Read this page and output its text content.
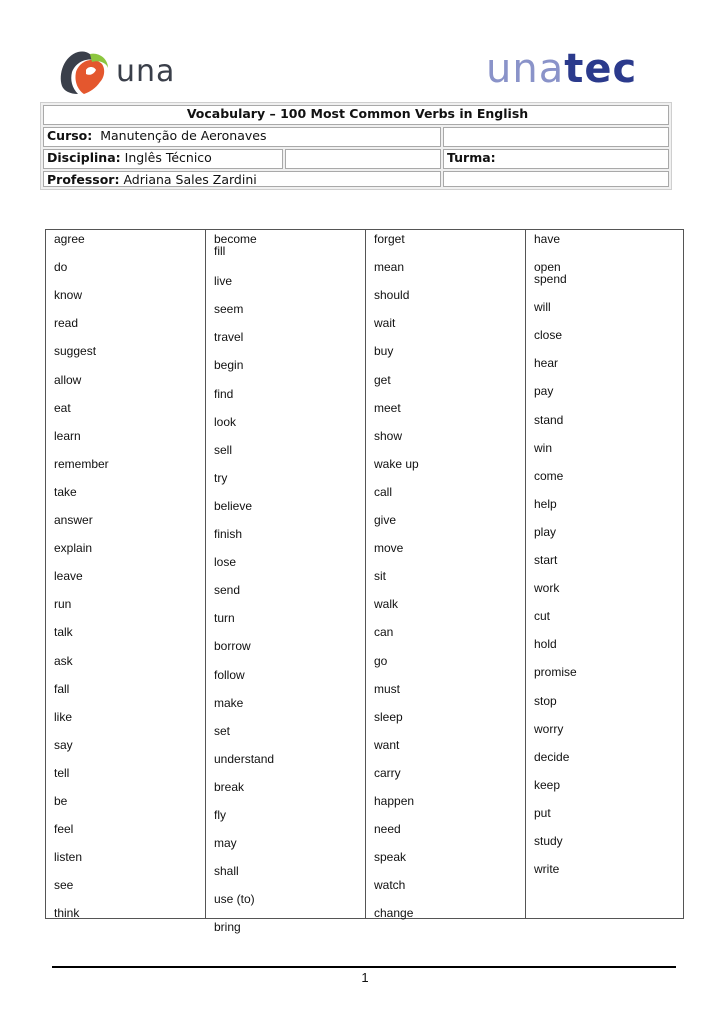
una	unatec
Vocabulary – 100 Most Common Verbs in English
Curso: Manutenção de Aeronaves
Disciplina: Inglês Técnico	Turma:
Professor: Adriana Sales Zardini
agree
do
know
read
suggest
allow
eat
learn
remember
take
answer
explain
leave
run
talk
ask
fall
like
say
tell
be
feel
listen
see
think
become
fill
live
seem
travel
begin
find
look
sell
try
believe
finish
lose
send
turn
borrow
follow
make
set
understand
break
fly
may
shall
use (to)
bring
forget
mean
should
wait
buy
get
meet
show
wake up
call
give
move
sit
walk
can
go
must
sleep
want
carry
happen
need
speak
watch
change
have
open
spend
will
close
hear
pay
stand
win
come
help
play
start
work
cut
hold
promise
stop
worry
decide
keep
put
study
write
1
